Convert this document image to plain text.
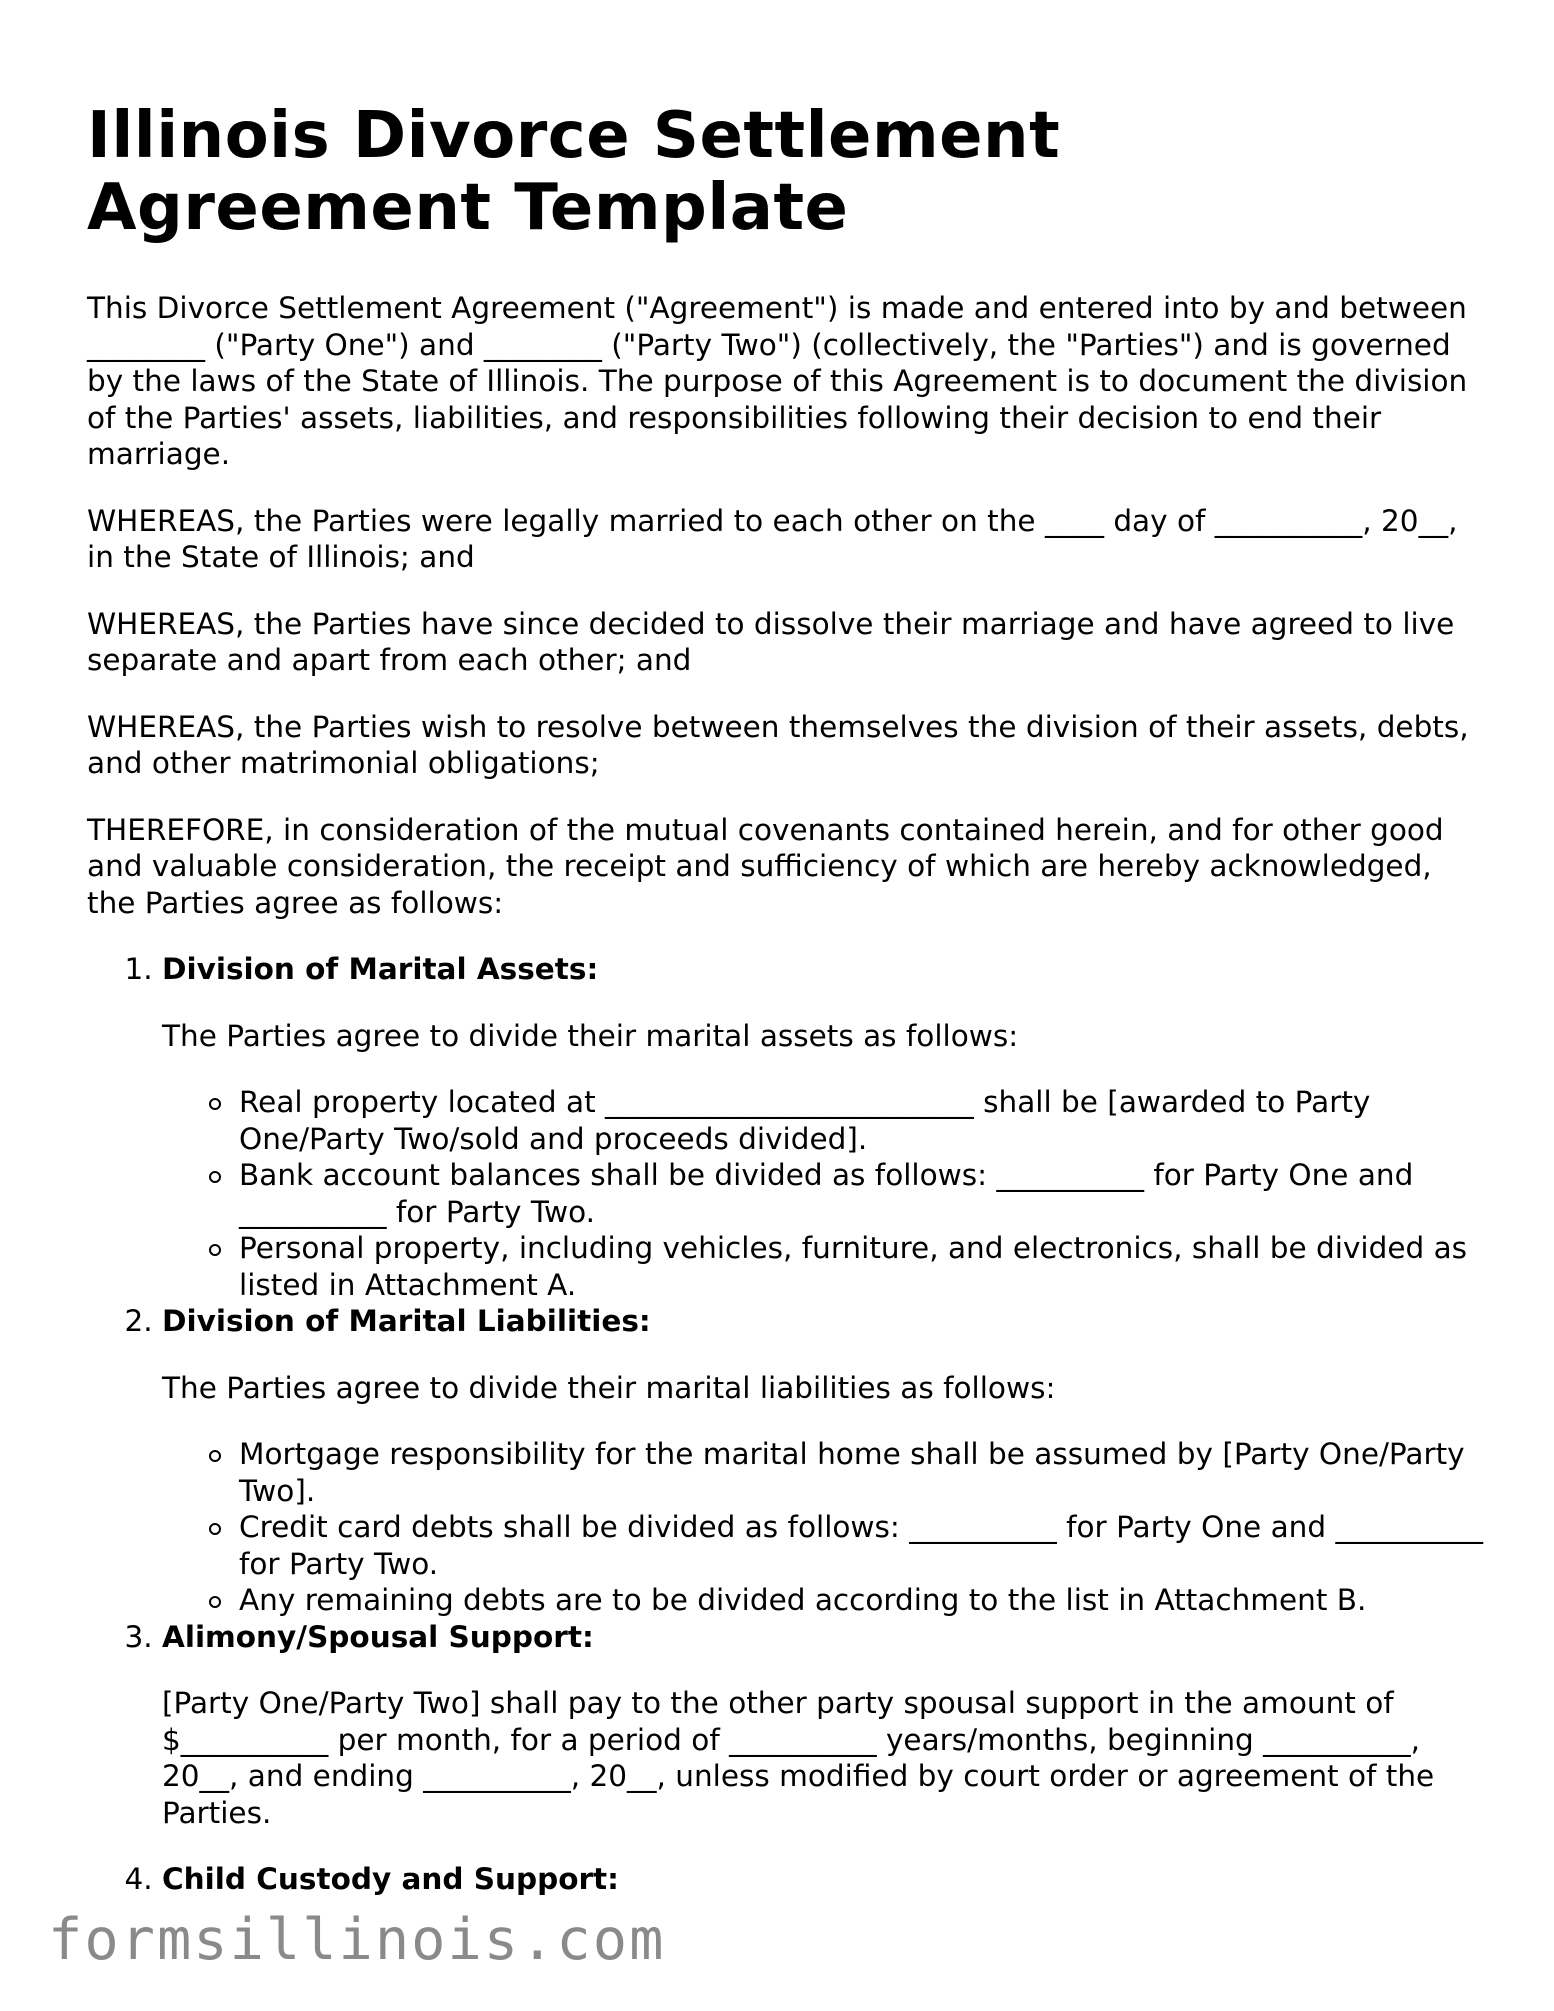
Illinois Divorce Settlement Agreement Template

This Divorce Settlement Agreement ("Agreement") is made and entered into by and between ________ ("Party One") and ________ ("Party Two") (collectively, the "Parties") and is governed by the laws of the State of Illinois. The purpose of this Agreement is to document the division of the Parties' assets, liabilities, and responsibilities following their decision to end their marriage.

WHEREAS, the Parties were legally married to each other on the ____ day of __________, 20__, in the State of Illinois; and

WHEREAS, the Parties have since decided to dissolve their marriage and have agreed to live separate and apart from each other; and

WHEREAS, the Parties wish to resolve between themselves the division of their assets, debts, and other matrimonial obligations;

THEREFORE, in consideration of the mutual covenants contained herein, and for other good and valuable consideration, the receipt and sufficiency of which are hereby acknowledged, the Parties agree as follows:

1. Division of Marital Assets:
The Parties agree to divide their marital assets as follows:
Real property located at _________________________ shall be [awarded to Party One/Party Two/sold and proceeds divided].
Bank account balances shall be divided as follows: __________ for Party One and __________ for Party Two.
Personal property, including vehicles, furniture, and electronics, shall be divided as listed in Attachment A.
2. Division of Marital Liabilities:
The Parties agree to divide their marital liabilities as follows:
Mortgage responsibility for the marital home shall be assumed by [Party One/Party Two].
Credit card debts shall be divided as follows: __________ for Party One and __________ for Party Two.
Any remaining debts are to be divided according to the list in Attachment B.
3. Alimony/Spousal Support:
[Party One/Party Two] shall pay to the other party spousal support in the amount of $__________ per month, for a period of __________ years/months, beginning __________, 20__, and ending __________, 20__, unless modified by court order or agreement of the Parties.
4. Child Custody and Support:
formsillinois.com
